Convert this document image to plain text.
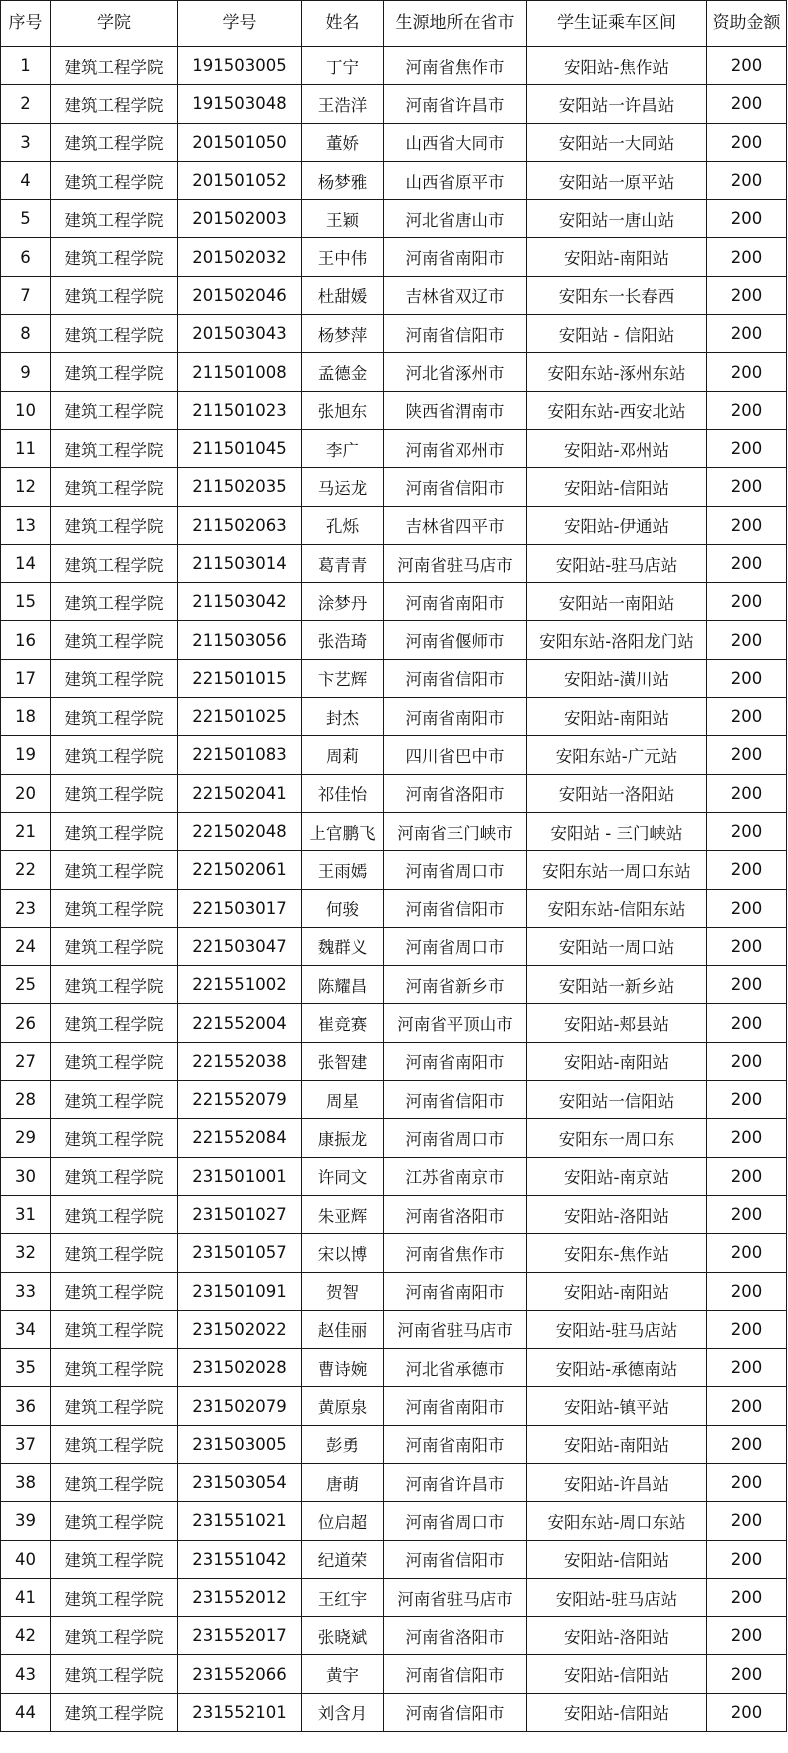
序号	学院	学号	姓名	生源地所在省市	学生证乘车区间	资助金额
1	建筑工程学院	191503005	丁宁	河南省焦作市	安阳站-焦作站	200
2	建筑工程学院	191503048	王浩洋	河南省许昌市	安阳站一许昌站	200
3	建筑工程学院	201501050	董娇	山西省大同市	安阳站一大同站	200
4	建筑工程学院	201501052	杨梦雅	山西省原平市	安阳站一原平站	200
5	建筑工程学院	201502003	王颖	河北省唐山市	安阳站一唐山站	200
6	建筑工程学院	201502032	王中伟	河南省南阳市	安阳站-南阳站	200
7	建筑工程学院	201502046	杜甜媛	吉林省双辽市	安阳东一长春西	200
8	建筑工程学院	201503043	杨梦萍	河南省信阳市	安阳站 - 信阳站	200
9	建筑工程学院	211501008	孟德金	河北省涿州市	安阳东站-涿州东站	200
10	建筑工程学院	211501023	张旭东	陕西省渭南市	安阳东站-西安北站	200
11	建筑工程学院	211501045	李广	河南省邓州市	安阳站-邓州站	200
12	建筑工程学院	211502035	马运龙	河南省信阳市	安阳站-信阳站	200
13	建筑工程学院	211502063	孔烁	吉林省四平市	安阳站-伊通站	200
14	建筑工程学院	211503014	葛青青	河南省驻马店市	安阳站-驻马店站	200
15	建筑工程学院	211503042	涂梦丹	河南省南阳市	安阳站一南阳站	200
16	建筑工程学院	211503056	张浩琦	河南省偃师市	安阳东站-洛阳龙门站	200
17	建筑工程学院	221501015	卞艺辉	河南省信阳市	安阳站-潢川站	200
18	建筑工程学院	221501025	封杰	河南省南阳市	安阳站-南阳站	200
19	建筑工程学院	221501083	周莉	四川省巴中市	安阳东站-广元站	200
20	建筑工程学院	221502041	祁佳怡	河南省洛阳市	安阳站一洛阳站	200
21	建筑工程学院	221502048	上官鹏飞	河南省三门峡市	安阳站 - 三门峡站	200
22	建筑工程学院	221502061	王雨嫣	河南省周口市	安阳东站一周口东站	200
23	建筑工程学院	221503017	何骏	河南省信阳市	安阳东站-信阳东站	200
24	建筑工程学院	221503047	魏群义	河南省周口市	安阳站一周口站	200
25	建筑工程学院	221551002	陈耀昌	河南省新乡市	安阳站一新乡站	200
26	建筑工程学院	221552004	崔竞赛	河南省平顶山市	安阳站-郏县站	200
27	建筑工程学院	221552038	张智建	河南省南阳市	安阳站-南阳站	200
28	建筑工程学院	221552079	周星	河南省信阳市	安阳站一信阳站	200
29	建筑工程学院	221552084	康振龙	河南省周口市	安阳东一周口东	200
30	建筑工程学院	231501001	许同文	江苏省南京市	安阳站-南京站	200
31	建筑工程学院	231501027	朱亚辉	河南省洛阳市	安阳站-洛阳站	200
32	建筑工程学院	231501057	宋以博	河南省焦作市	安阳东-焦作站	200
33	建筑工程学院	231501091	贺智	河南省南阳市	安阳站-南阳站	200
34	建筑工程学院	231502022	赵佳丽	河南省驻马店市	安阳站-驻马店站	200
35	建筑工程学院	231502028	曹诗婉	河北省承德市	安阳站-承德南站	200
36	建筑工程学院	231502079	黄原泉	河南省南阳市	安阳站-镇平站	200
37	建筑工程学院	231503005	彭勇	河南省南阳市	安阳站-南阳站	200
38	建筑工程学院	231503054	唐萌	河南省许昌市	安阳站-许昌站	200
39	建筑工程学院	231551021	位启超	河南省周口市	安阳东站-周口东站	200
40	建筑工程学院	231551042	纪道荣	河南省信阳市	安阳站-信阳站	200
41	建筑工程学院	231552012	王红宇	河南省驻马店市	安阳站-驻马店站	200
42	建筑工程学院	231552017	张晓斌	河南省洛阳市	安阳站-洛阳站	200
43	建筑工程学院	231552066	黄宇	河南省信阳市	安阳站-信阳站	200
44	建筑工程学院	231552101	刘含月	河南省信阳市	安阳站-信阳站	200
